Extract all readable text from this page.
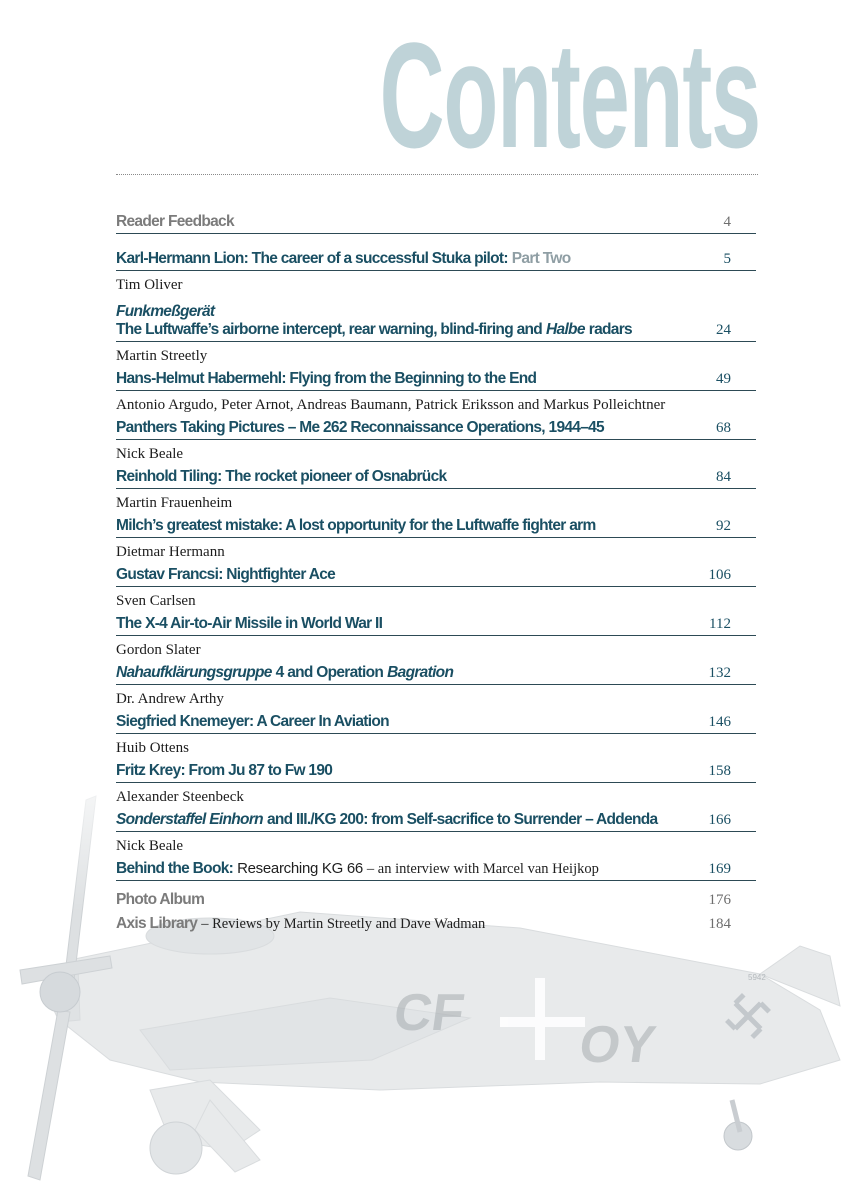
Contents
Reader Feedback	4
Karl-Hermann Lion: The career of a successful Stuka pilot: Part Two	5
Tim Oliver
Funkmeßgerät
The Luftwaffe’s airborne intercept, rear warning, blind-firing and Halbe radars	24
Martin Streetly
Hans-Helmut Habermehl: Flying from the Beginning to the End	49
Antonio Argudo, Peter Arnot, Andreas Baumann, Patrick Eriksson and Markus Polleichtner
Panthers Taking Pictures – Me 262 Reconnaissance Operations, 1944–45	68
Nick Beale
Reinhold Tiling: The rocket pioneer of Osnabrück	84
Martin Frauenheim
Milch’s greatest mistake: A lost opportunity for the Luftwaffe fighter arm	92
Dietmar Hermann
Gustav Francsi: Nightfighter Ace	106
Sven Carlsen
The X-4 Air-to-Air Missile in World War II	112
Gordon Slater
Nahaufklärungsgruppe 4 and Operation Bagration	132
Dr. Andrew Arthy
Siegfried Knemeyer: A Career In Aviation	146
Huib Ottens
Fritz Krey: From Ju 87 to Fw 190	158
Alexander Steenbeck
Sonderstaffel Einhorn and III./KG 200: from Self-sacrifice to Surrender – Addenda	166
Nick Beale
Behind the Book: Researching KG 66 – an interview with Marcel van Heijkop	169
Photo Album	176
Axis Library – Reviews by Martin Streetly and Dave Wadman	184
